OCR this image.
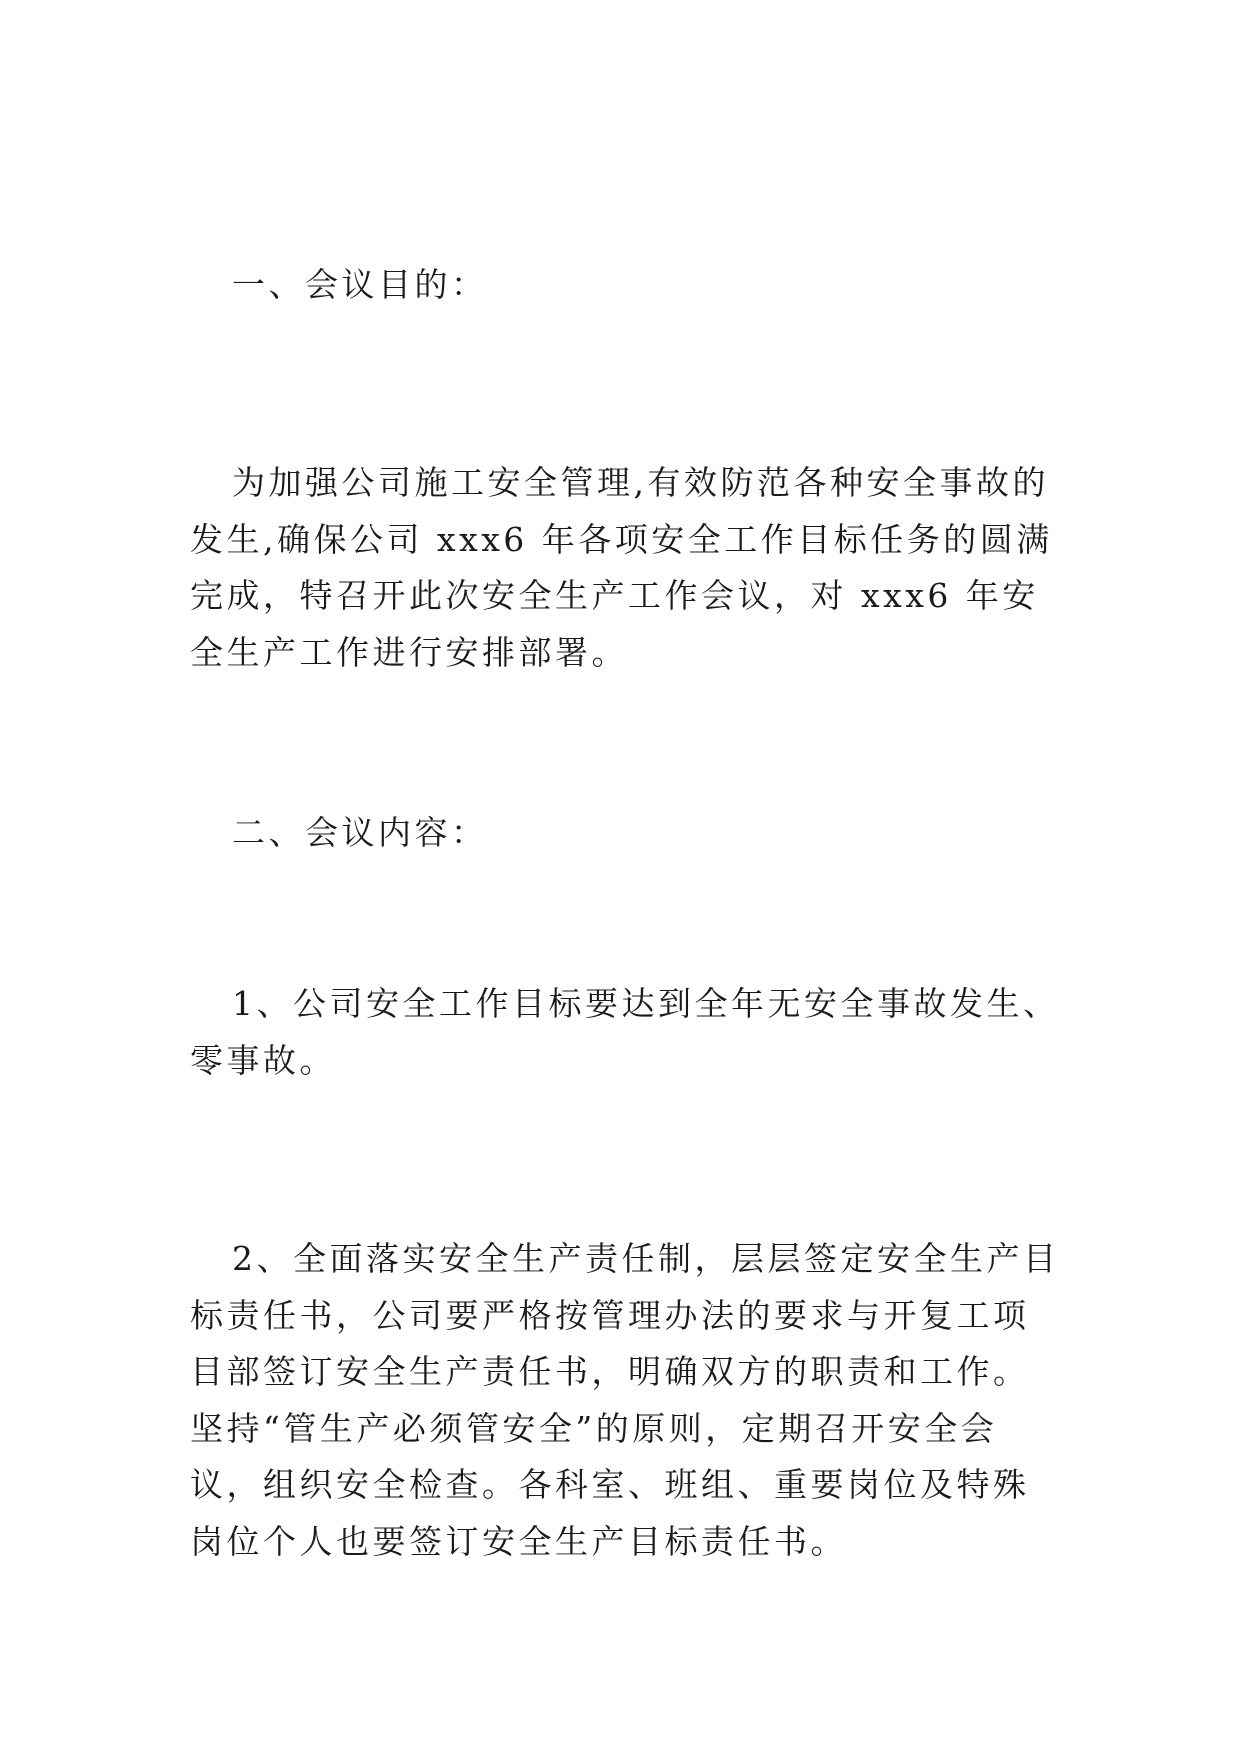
一、会议目的：

为加强公司施工安全管理,有效防范各种安全事故的发生,确保公司 xxx6 年各项安全工作目标任务的圆满完成，特召开此次安全生产工作会议，对 xxx6 年安全生产工作进行安排部署。

二、会议内容：

1、公司安全工作目标要达到全年无安全事故发生、零事故。

2、全面落实安全生产责任制，层层签定安全生产目标责任书，公司要严格按管理办法的要求与开复工项目部签订安全生产责任书，明确双方的职责和工作。坚持“管生产必须管安全”的原则，定期召开安全会议，组织安全检查。各科室、班组、重要岗位及特殊岗位个人也要签订安全生产目标责任书。
